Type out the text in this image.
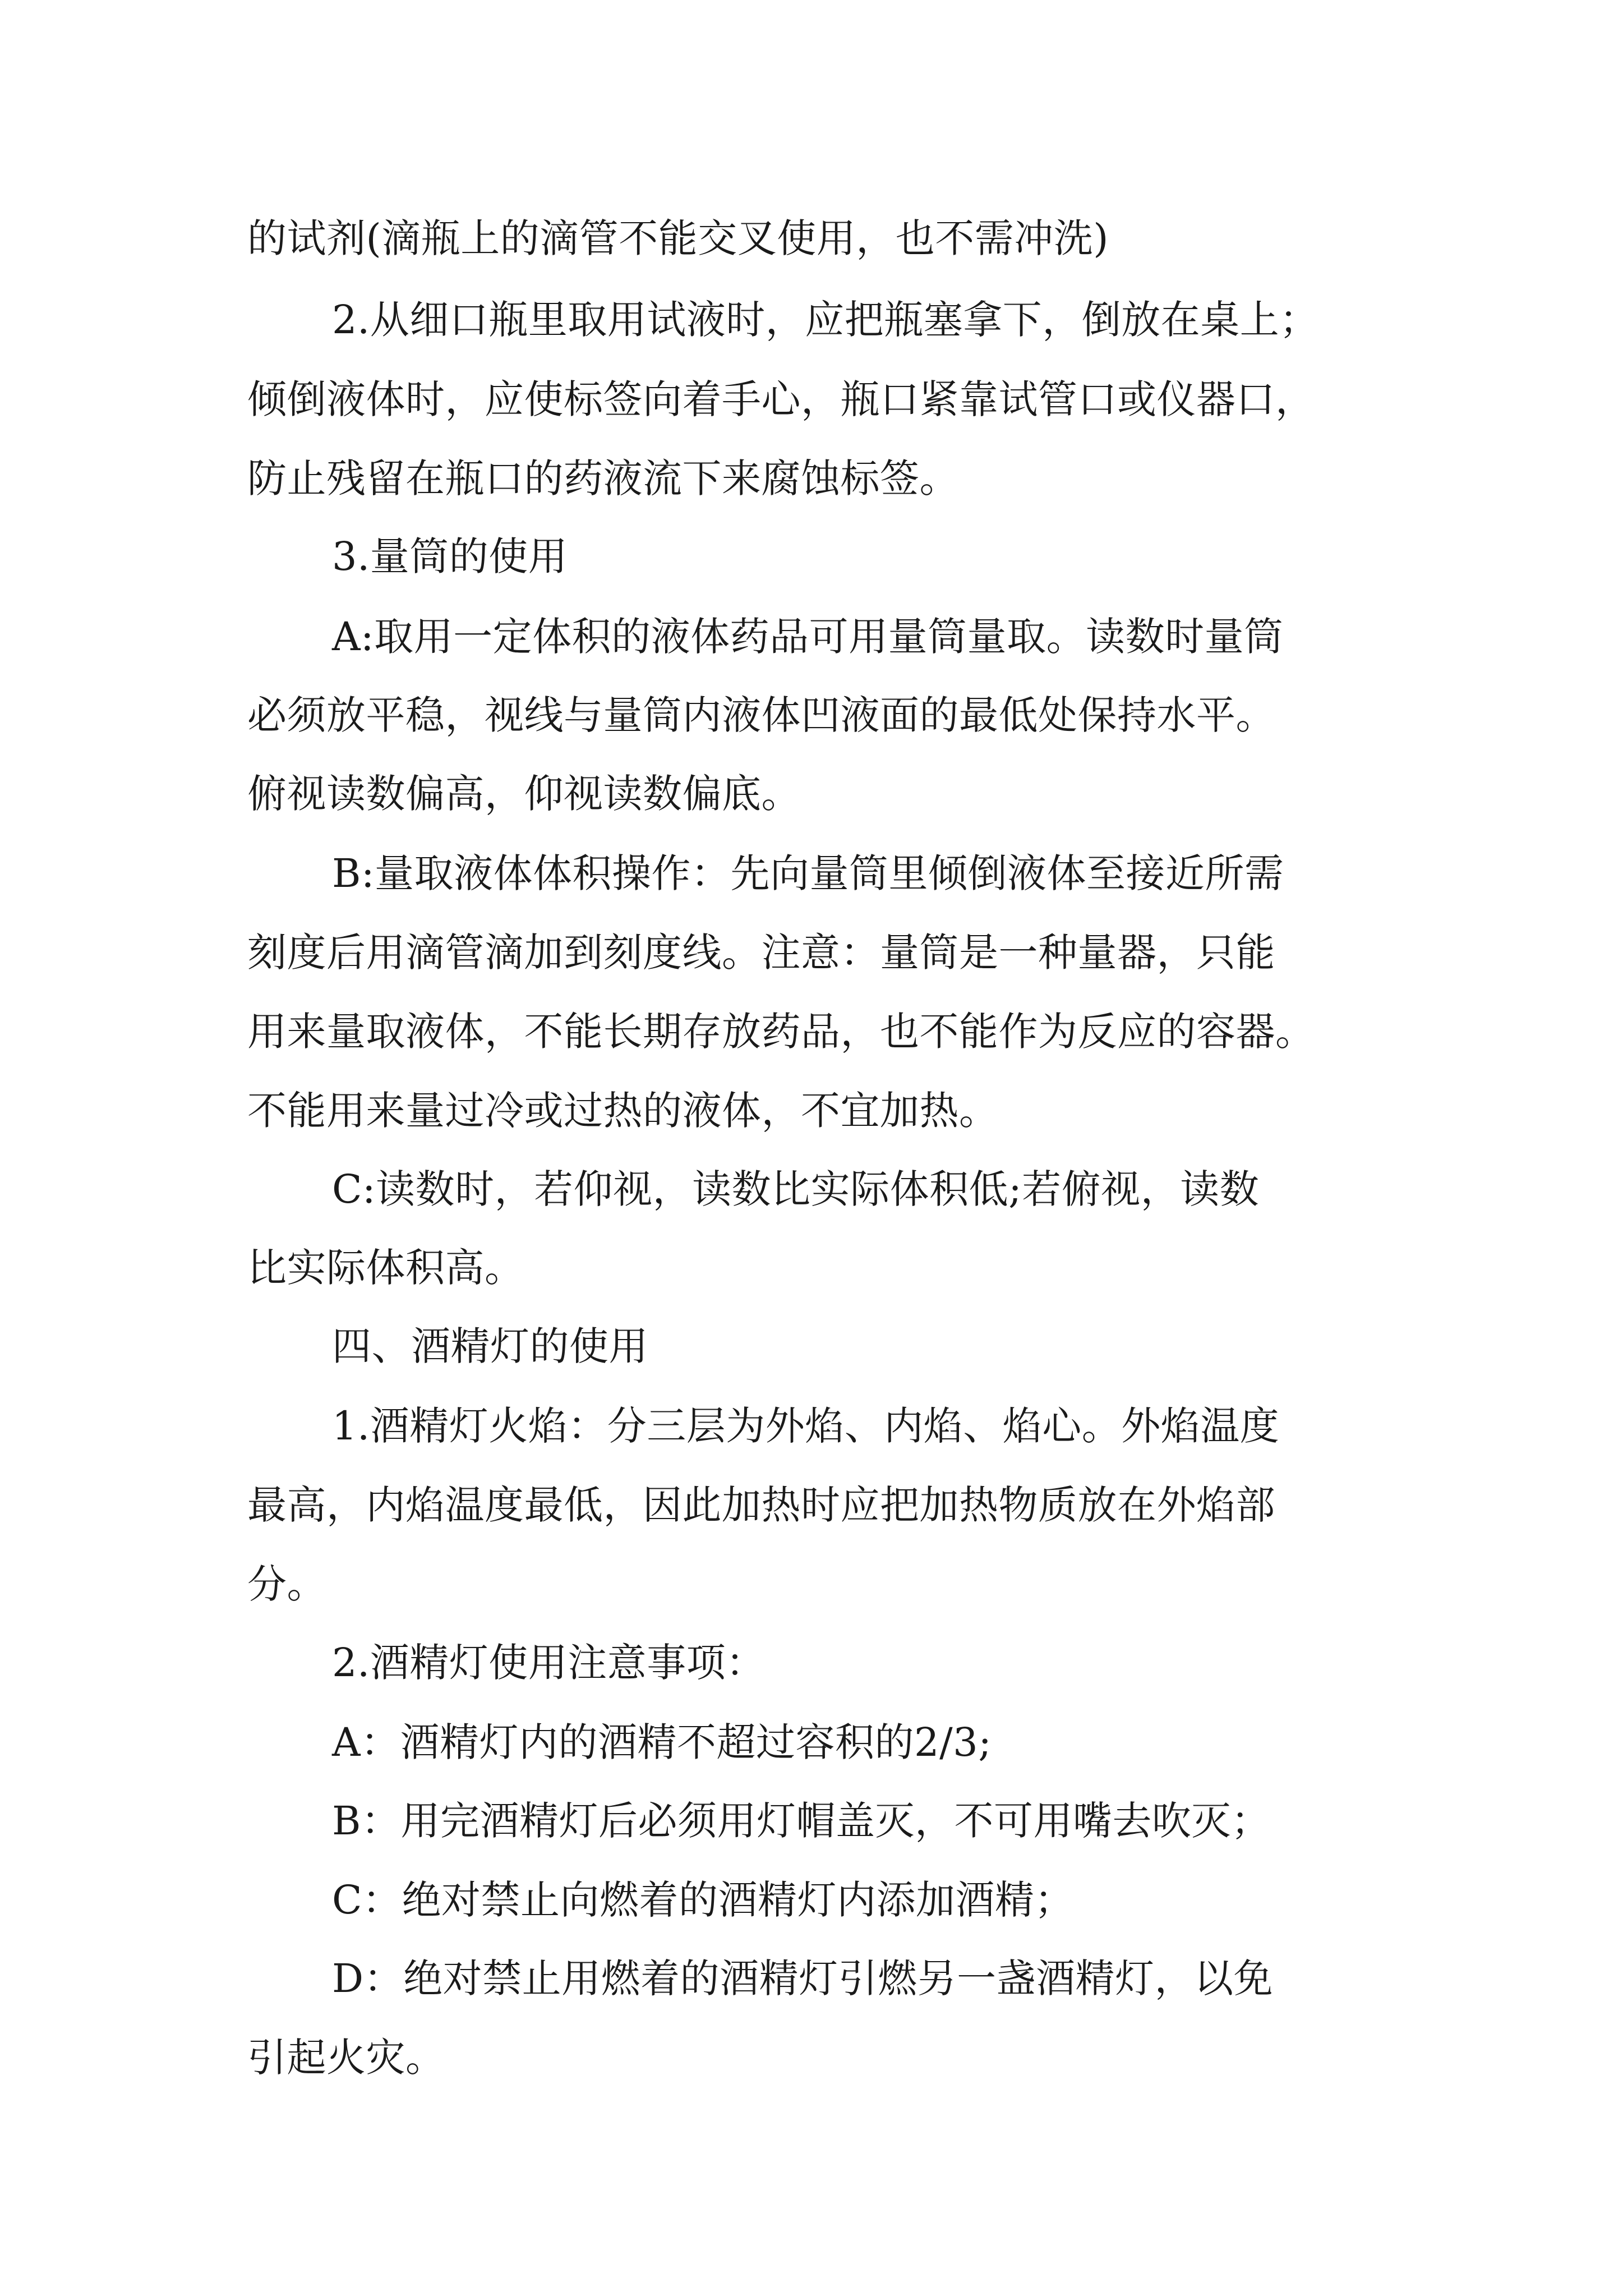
的试剂(滴瓶上的滴管不能交叉使用，也不需冲洗)
2.从细口瓶里取用试液时，应把瓶塞拿下，倒放在桌上；
倾倒液体时，应使标签向着手心，瓶口紧靠试管口或仪器口，
防止残留在瓶口的药液流下来腐蚀标签。
3.量筒的使用
A:取用一定体积的液体药品可用量筒量取。读数时量筒
必须放平稳，视线与量筒内液体凹液面的最低处保持水平。
俯视读数偏高，仰视读数偏底。
B:量取液体体积操作：先向量筒里倾倒液体至接近所需
刻度后用滴管滴加到刻度线。注意：量筒是一种量器，只能
用来量取液体，不能长期存放药品，也不能作为反应的容器。
不能用来量过冷或过热的液体，不宜加热。
C:读数时，若仰视，读数比实际体积低;若俯视，读数
比实际体积高。
四、酒精灯的使用
1.酒精灯火焰：分三层为外焰、内焰、焰心。外焰温度
最高，内焰温度最低，因此加热时应把加热物质放在外焰部
分。
2.酒精灯使用注意事项：
A：酒精灯内的酒精不超过容积的2/3;
B：用完酒精灯后必须用灯帽盖灭，不可用嘴去吹灭；
C：绝对禁止向燃着的酒精灯内添加酒精；
D：绝对禁止用燃着的酒精灯引燃另一盏酒精灯，以免
引起火灾。
